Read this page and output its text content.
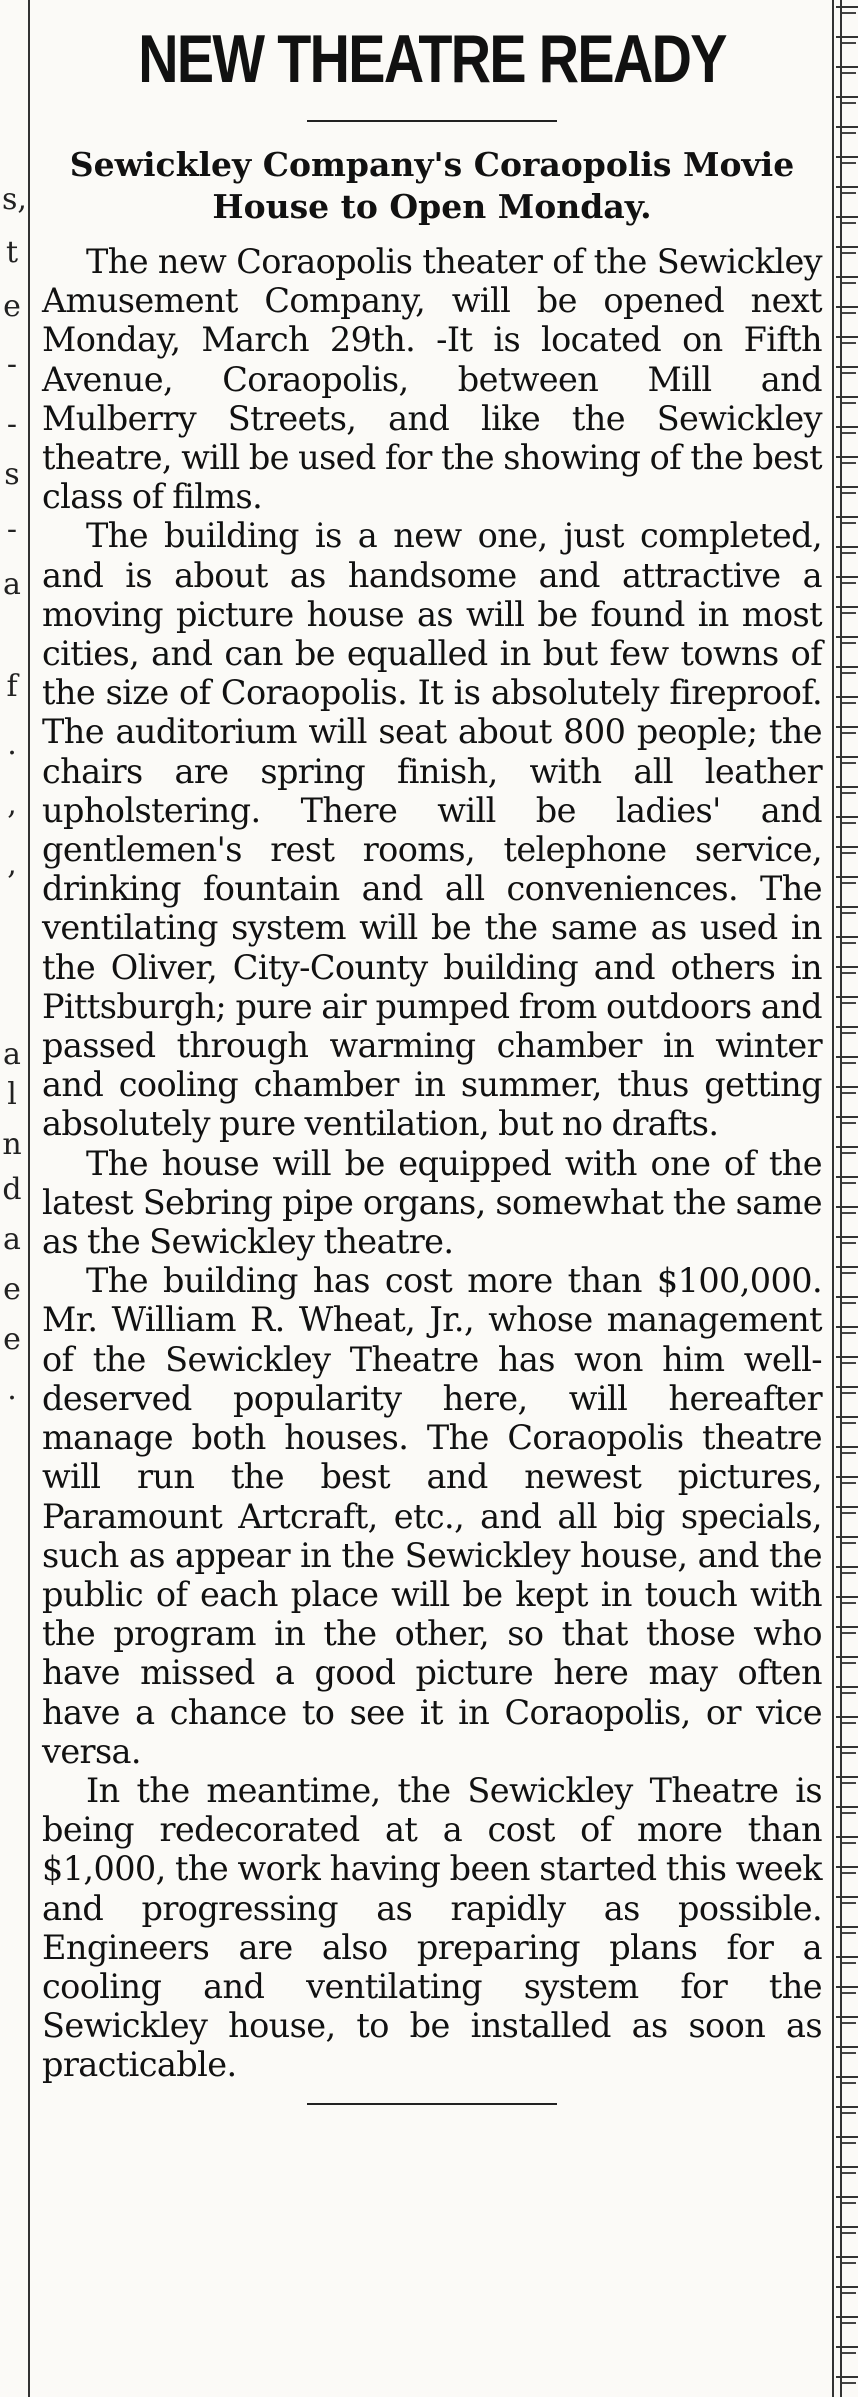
s,
t
e
-
-
s
-
a
f
.
,
,
a
l
n
d
a
e
e
.
NEW THEATRE READY
Sewickley Company's Coraopolis Movie House to Open Monday.

The new Coraopolis theater of the Sewickley Amusement Company, will be opened next Monday, March 29th. -It is located on Fifth Avenue, Coraopolis, between Mill and Mulberry Streets, and like the Sewickley theatre, will be used for the showing of the best class of films.

The building is a new one, just completed, and is about as handsome and attractive a moving picture house as will be found in most cities, and can be equalled in but few towns of the size of Coraopolis. It is absolutely fireproof. The auditorium will seat about 800 people; the chairs are spring finish, with all leather upholstering. There will be ladies' and gentlemen's rest rooms, telephone service, drinking fountain and all conveniences. The ventilating system will be the same as used in the Oliver, City-County building and others in Pittsburgh; pure air pumped from outdoors and passed through warming chamber in winter and cooling chamber in summer, thus getting absolutely pure ventilation, but no drafts.

The house will be equipped with one of the latest Sebring pipe organs, somewhat the same as the Sewickley theatre.

The building has cost more than $100,000. Mr. William R. Wheat, Jr., whose management of the Sewickley Theatre has won him well-deserved popularity here, will hereafter manage both houses. The Coraopolis theatre will run the best and newest pictures, Paramount Artcraft, etc., and all big specials, such as appear in the Sewickley house, and the public of each place will be kept in touch with the program in the other, so that those who have missed a good picture here may often have a chance to see it in Coraopolis, or vice versa.

In the meantime, the Sewickley Theatre is being redecorated at a cost of more than $1,000, the work having been started this week and progressing as rapidly as possible. Engineers are also preparing plans for a cooling and ventilating system for the Sewickley house, to be installed as soon as practicable.
